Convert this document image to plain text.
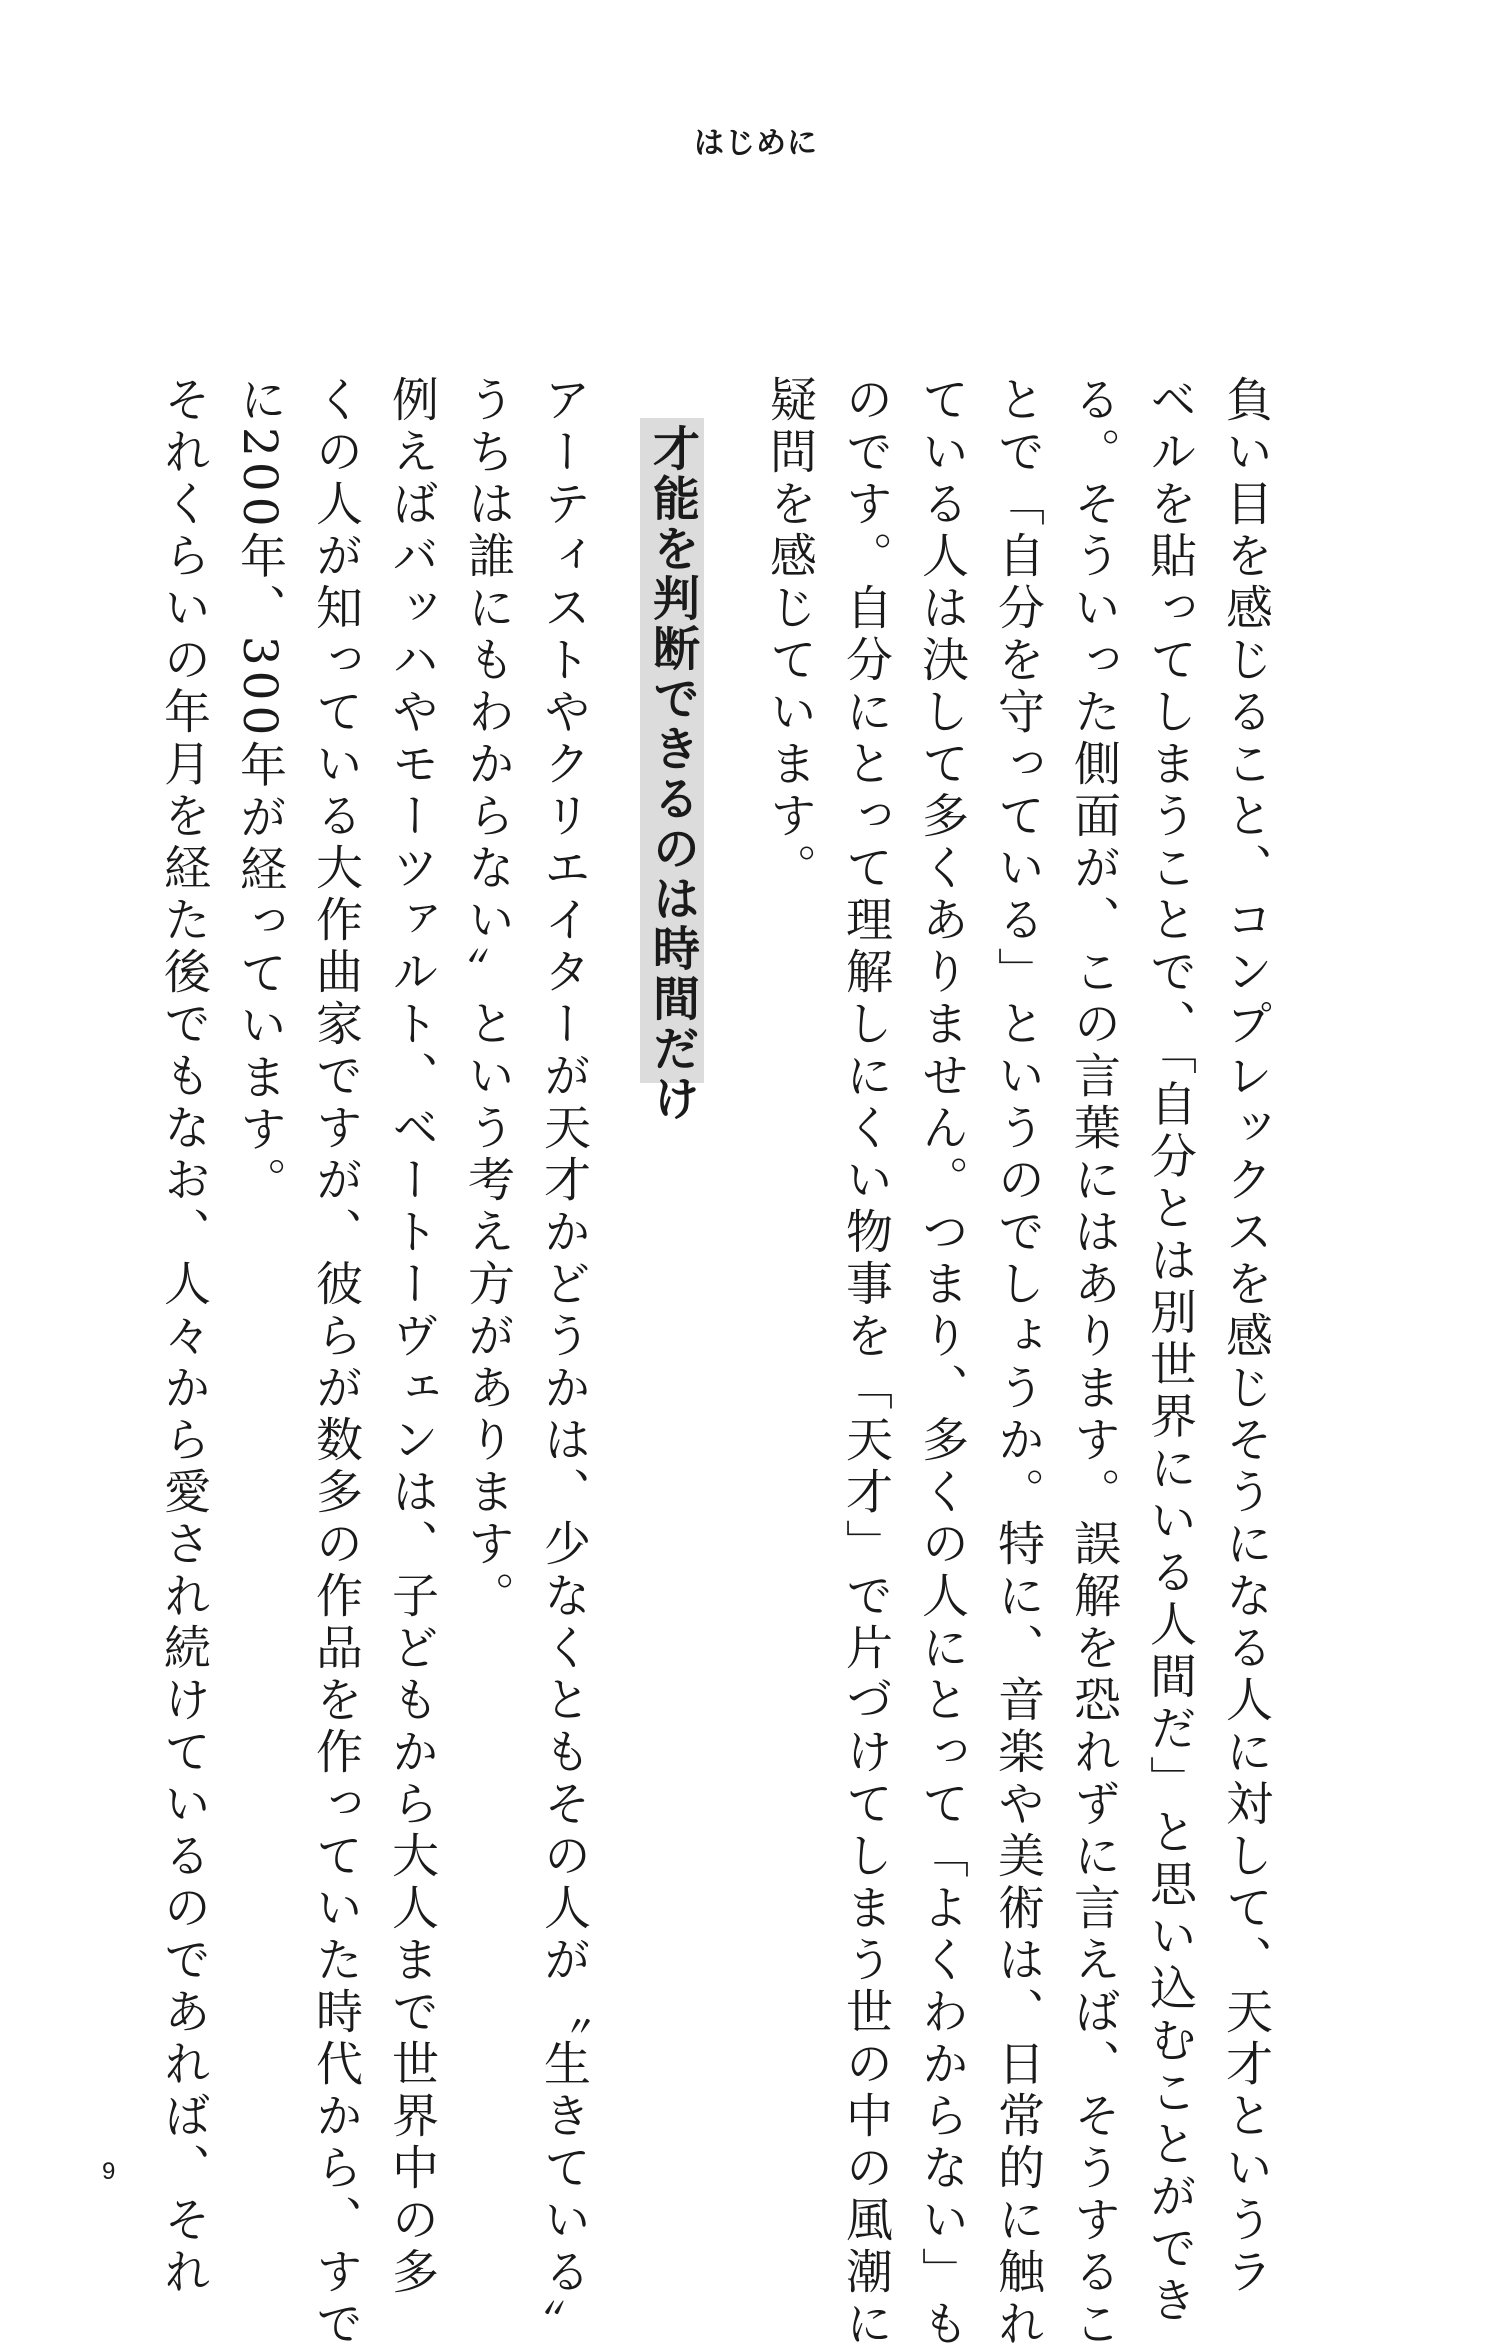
はじめに
負い目を感じること、コンプレックスを感じそうになる人に対して、天才というラ
ベルを貼ってしまうことで、「自分とは別世界にいる人間だ」と思い込むことができ
る。そういった側面が、この言葉にはあります。誤解を恐れずに言えば、そうするこ
とで「自分を守っている」というのでしょうか。特に、音楽や美術は、日常的に触れ
ている人は決して多くありません。つまり、多くの人にとって「よくわからない」も
のです。自分にとって理解しにくい物事を「天才」で片づけてしまう世の中の風潮に
疑問を感じています。
才能を判断できるのは時間だけ
アーティストやクリエイターが天才かどうかは、少なくともその人が〝生きている〟
うちは誰にもわからない〟という考え方があります。
例えばバッハやモーツァルト、ベートーヴェンは、子どもから大人まで世界中の多
くの人が知っている大作曲家ですが、彼らが数多の作品を作っていた時代から、すで
に200年、300年が経っています。
それくらいの年月を経た後でもなお、人々から愛され続けているのであれば、それ
9
